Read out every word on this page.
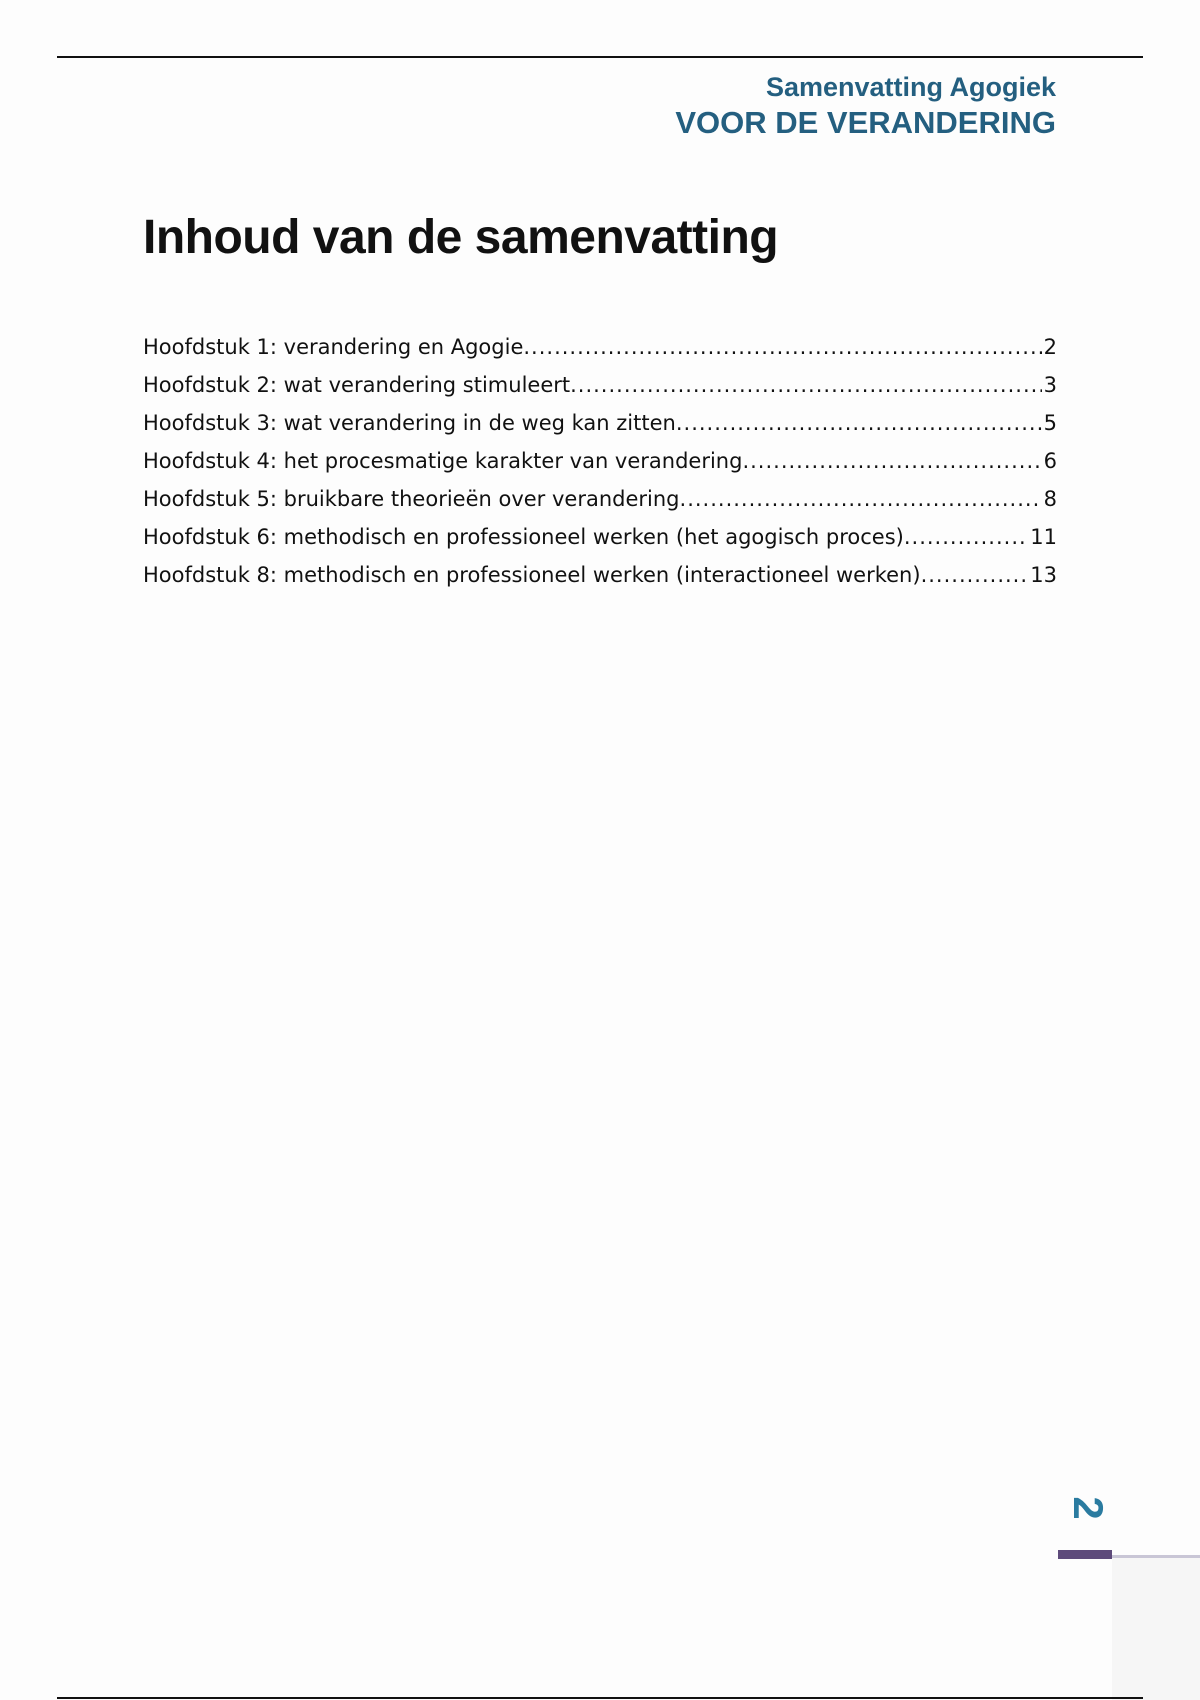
Samenvatting Agogiek
VOOR DE VERANDERING
Inhoud van de samenvatting
Hoofdstuk 1: verandering en Agogie .....	2
Hoofdstuk 2: wat verandering stimuleert .....	3
Hoofdstuk 3: wat verandering in de weg kan zitten .....	5
Hoofdstuk 4: het procesmatige karakter van verandering .....	6
Hoofdstuk 5: bruikbare theorieën over verandering .....	8
Hoofdstuk 6: methodisch en professioneel werken (het agogisch proces) .....	11
Hoofdstuk 8: methodisch en professioneel werken (interactioneel werken) .....	13
2
